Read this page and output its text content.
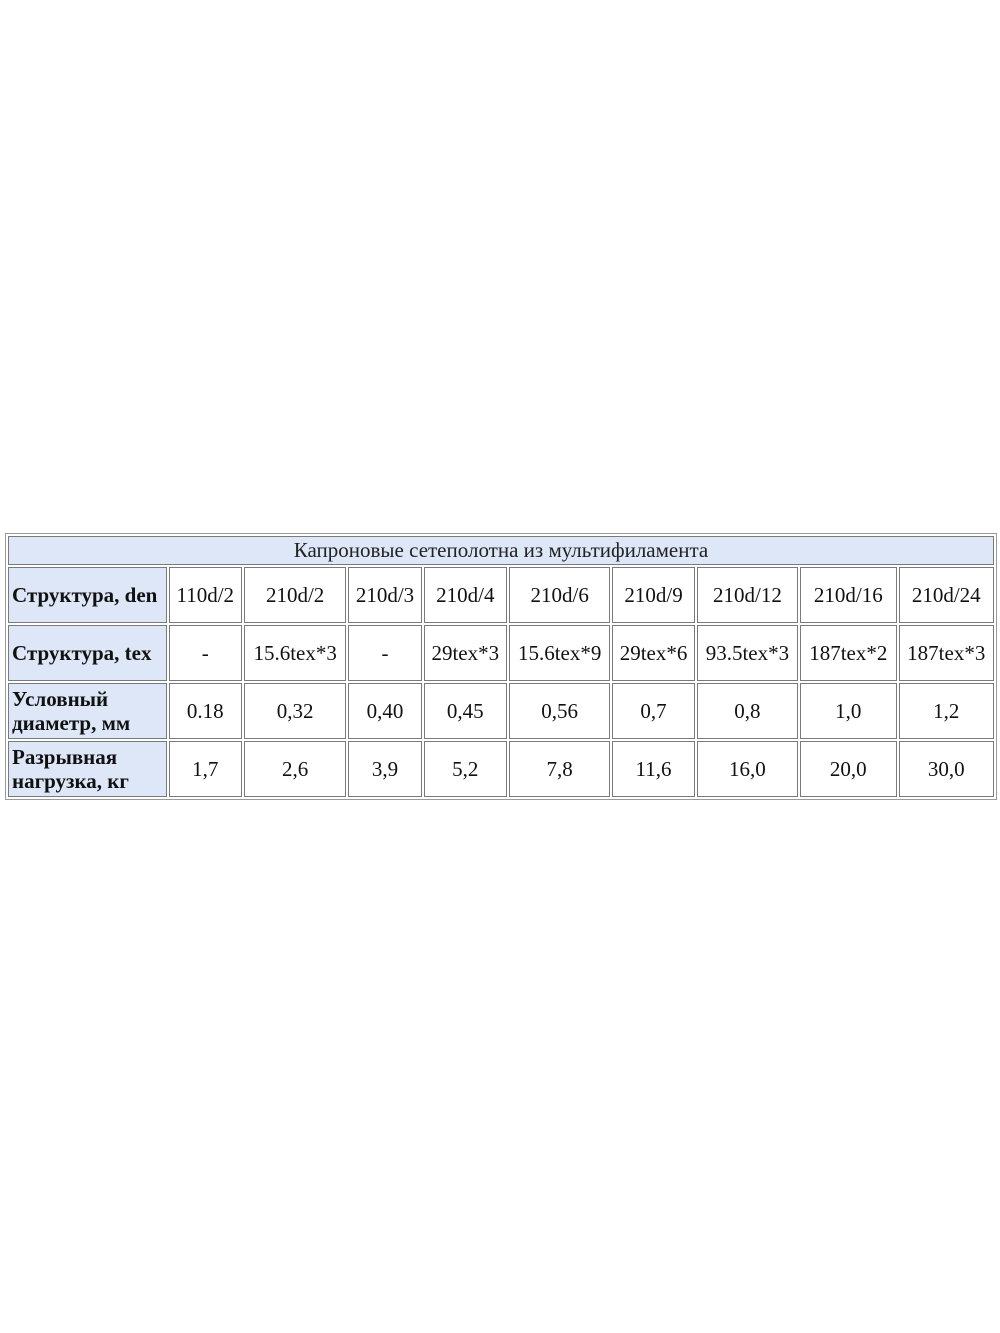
Капроновые сетеполотна из мультифиламента									
Структура, den	110d/2	210d/2	210d/3	210d/4	210d/6	210d/9	210d/12	210d/16	210d/24
Структура, tex	-	15.6tex*3	-	29tex*3	15.6tex*9	29tex*6	93.5tex*3	187tex*2	187tex*3
Условный диаметр, мм	0.18	0,32	0,40	0,45	0,56	0,7	0,8	1,0	1,2
Разрывная нагрузка, кг	1,7	2,6	3,9	5,2	7,8	11,6	16,0	20,0	30,0
